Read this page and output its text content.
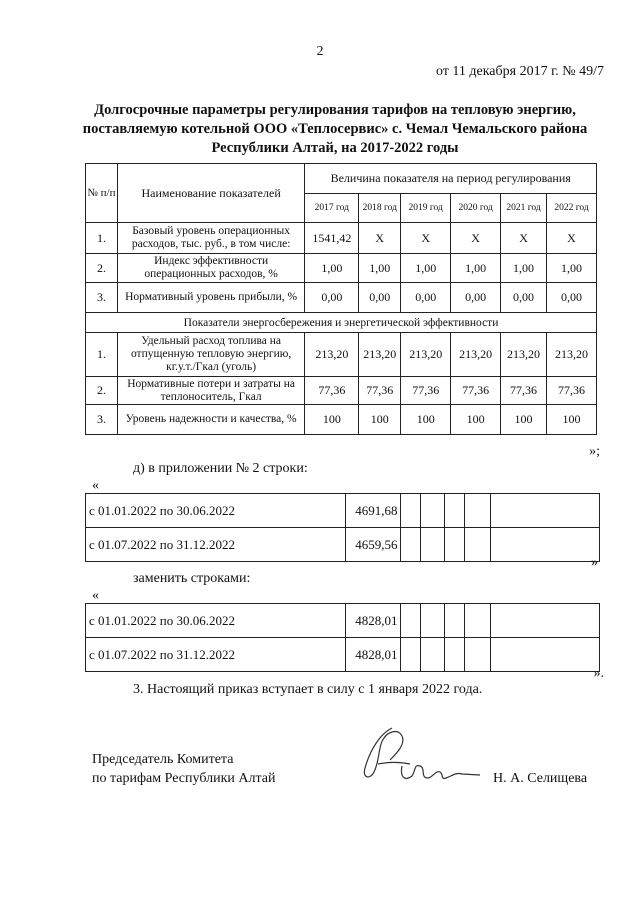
2
от 11 декабря 2017 г. № 49/7
Долгосрочные параметры регулирования тарифов на тепловую энергию, поставляемую котельной ООО «Теплосервис» с. Чемал Чемальского района Республики Алтай, на 2017-2022 годы
№ п/п	Наименование показателей	Величина показателя на период регулирования					
		2017 год	2018 год	2019 год	2020 год	2021 год	2022 год
1.	Базовый уровень операционных расходов, тыс. руб., в том числе:	1541,42	X	X	X	X	X
2.	Индекс эффективности операционных расходов, %	1,00	1,00	1,00	1,00	1,00	1,00
3.	Нормативный уровень прибыли, %	0,00	0,00	0,00	0,00	0,00	0,00
Показатели энергосбережения и энергетической эффективности							
1.	Удельный расход топлива на отпущенную тепловую энергию, кг.у.т./Гкал (уголь)	213,20	213,20	213,20	213,20	213,20	213,20
2.	Нормативные потери и затраты на теплоноситель, Гкал	77,36	77,36	77,36	77,36	77,36	77,36
3.	Уровень надежности и качества, %	100	100	100	100	100	100
»;
д) в приложении № 2 строки:
«
с 01.01.2022 по 30.06.2022	4691,68					
с 01.07.2022 по 31.12.2022	4659,56					
»
заменить строками:
«
с 01.01.2022 по 30.06.2022	4828,01					
с 01.07.2022 по 31.12.2022	4828,01					
».
3. Настоящий приказ вступает в силу с 1 января 2022 года.
Председатель Комитета
по тарифам Республики Алтай	Н. А. Селищева
